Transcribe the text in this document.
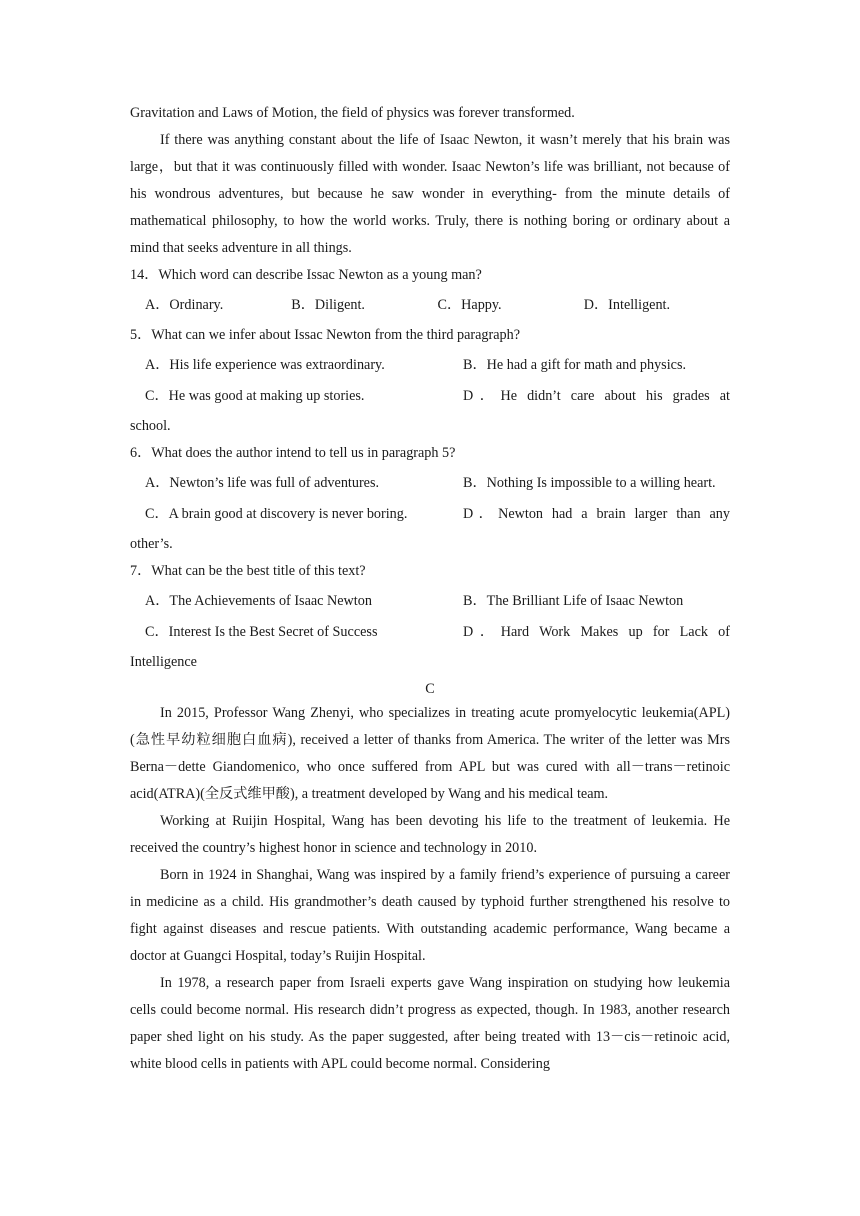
Gravitation and Laws of Motion, the field of physics was forever transformed.

If there was anything constant about the life of Isaac Newton, it wasn’t merely that his brain was large，but that it was continuously filled with wonder. Isaac Newton’s life was brilliant, not because of his wondrous adventures, but because he saw wonder in everything- from the minute details of mathematical philosophy, to how the world works. Truly, there is nothing boring or ordinary about a mind that seeks adventure in all things.

14．Which word can describe Issac Newton as a young man?

A．Ordinary.	B．Diligent.	C．Happy.	D．Intelligent.

5．What can we infer about Issac Newton from the third paragraph?

A．His life experience was extraordinary.	B．He had a gift for math and physics.
C．He was good at making up stories.	D．He didn’t care about his grades at

school.

6．What does the author intend to tell us in paragraph 5?

A．Newton’s life was full of adventures.	B．Nothing Is impossible to a willing heart.
C．A brain good at discovery is never boring.	D．Newton had a brain larger than any

other’s.

7．What can be the best title of this text?

A．The Achievements of Isaac Newton	B．The Brilliant Life of Isaac Newton
C．Interest Is the Best Secret of Success	D．Hard Work Makes up for Lack of

Intelligence

C

In 2015, Professor Wang Zhenyi, who specializes in treating acute promyelocytic leukemia(APL)(急性早幼粒细胞白血病), received a letter of thanks from America. The writer of the letter was Mrs Berna－dette Giandomenico, who once suffered from APL but was cured with all－trans－retinoic acid(ATRA)(全反式维甲酸), a treatment developed by Wang and his medical team.

Working at Ruijin Hospital, Wang has been devoting his life to the treatment of leukemia. He received the country’s highest honor in science and technology in 2010.

Born in 1924 in Shanghai, Wang was inspired by a family friend’s experience of pursuing a career in medicine as a child. His grandmother’s death caused by typhoid further strengthened his resolve to fight against diseases and rescue patients. With outstanding academic performance, Wang became a doctor at Guangci Hospital, today’s Ruijin Hospital.

In 1978, a research paper from Israeli experts gave Wang inspiration on studying how leukemia cells could become normal. His research didn’t progress as expected, though. In 1983, another research paper shed light on his study. As the paper suggested, after being treated with 13－cis－retinoic acid, white blood cells in patients with APL could become normal. Considering
